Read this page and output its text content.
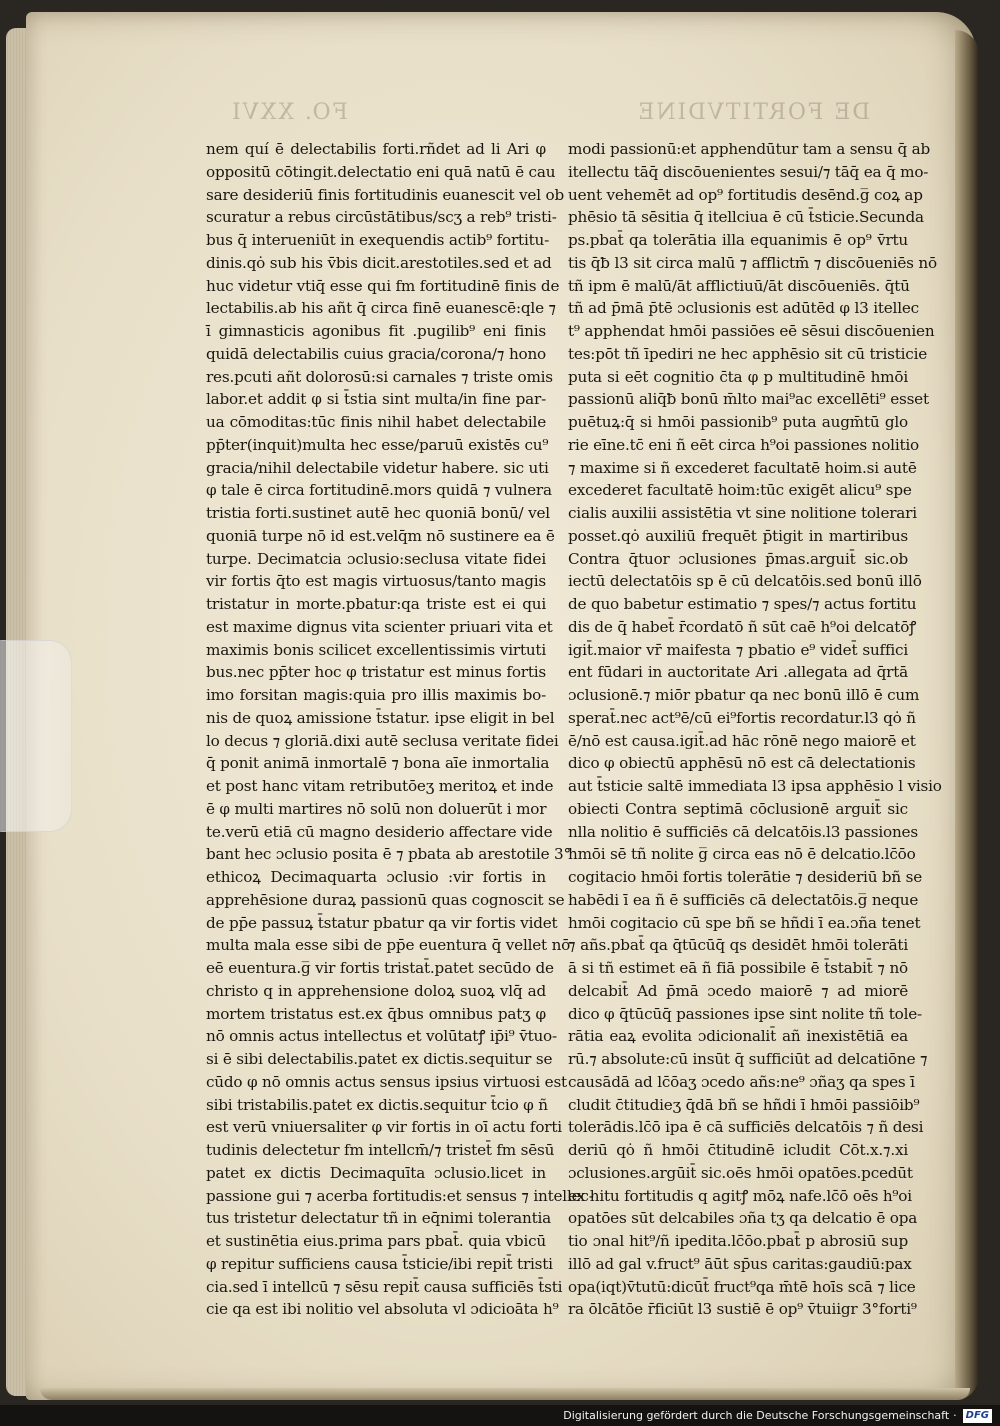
DE FORTITVDINE
FO. XXVI
nem quí ē delectabilis forti.rñdet ad li Ari φ
oppositū cōtingit.delectatio eni quā natū ē cau
sare desideriū finis fortitudinis euanescit vel ob
scuratur a rebus circūstātibus/scʒ a reb⁹ tristi-
bus q̄ interueniūt in exequendis actib⁹ fortitu-
dinis.qȯ sub his v̄bis dicit.arestotiles.sed et ad
huc videtur vtiq̄ esse qui fm fortitudinē finis de
lectabilis.ab his añt q̄ circa finē euanescē:qle ⁊
ī gimnasticis agonibus fit .pugilib⁹ eni finis
quidā delectabilis cuius gracia/corona/⁊ hono
res.pcuti añt dolorosū:si carnales ⁊ triste omis
labor.et addit φ si t̄stia sint multa/in fine par-
ua cōmoditas:tūc finis nihil habet delectabile
pp̄ter(inquit)multa hec esse/paruū existēs cu⁹
gracia/nihil delectabile videtur habere. sic uti
φ tale ē circa fortitudinē.mors quidā ⁊ vulnera
tristia forti.sustinet autē hec quoniā bonū/ vel
quoniā turpe nō id est.velq̄m nō sustinere ea ē
turpe. Decimatcia ɔclusio:seclusa vitate fidei
vir fortis q̄to est magis virtuosus/tanto magis
tristatur in morte.pbatur:qa triste est ei qui
est maxime dignus vita scienter priuari vita et
maximis bonis scilicet excellentissimis virtuti
bus.nec pp̄ter hoc φ tristatur est minus fortis
imo forsitan magis:quia pro illis maximis bo-
nis de quoꝝ amissione t̄statur. ipse eligit in bel
lo decus ⁊ gloriā.dixi autē seclusa veritate fidei
q̄ ponit animā inmortalē ⁊ bona aīe inmortalia
et post hanc vitam retributōeʒ meritoꝝ et inde
ē φ multi martires nō solū non doluerūt i mor
te.verū etiā cū magno desiderio affectare vide
bant hec ɔclusio posita ē ⁊ pbata ab arestotile 3°
ethicoꝝ Decimaquarta ɔclusio :vir fortis in
apprehēsione duraꝝ passionū quas cognoscit se
de pp̄e passuꝝ t̄statur pbatur qa vir fortis videt
multa mala esse sibi de pp̄e euentura q̄ vellet nō
eē euentura.g̅ vir fortis tristat̄.patet secūdo de
christo q in apprehensione doloꝝ suoꝝ vlq̄ ad
mortem tristatus est.ex q̄bus omnibus patʒ φ
nō omnis actus intellectus et volūtatꝭ ip̄i⁹ v̄tuo-
si ē sibi delectabilis.patet ex dictis.sequitur se
cūdo φ nō omnis actus sensus ipsius virtuosi est
sibi tristabilis.patet ex dictis.sequitur t̄cio φ ñ
est verū vniuersaliter φ vir fortis in oī actu forti
tudinis delectetur fm intellcm̄/⁊ tristet̄ fm sēsū
patet ex dictis Decimaquīta ɔclusio.licet in
passione gui ⁊ acerba fortitudis:et sensus ⁊ intellec-
tus tristetur delectatur tñ in eq̄nimi tolerantia
et sustinētia eius.prima pars pbat̄. quia vbicū
φ repitur sufficiens causa t̄sticie/ibi repit̄ tristi
cia.sed ī intellcū ⁊ sēsu repit̄ causa sufficiēs t̄sti
cie qa est ibi nolitio vel absoluta vl ɔdicioāta h⁹
modi passionū:et apphendūtur tam a sensu q̄ ab
itellectu tāq̄ discōuenientes sesui/⁊ tāq̄ ea q̄ mo-
uent vehemēt ad op⁹ fortitudis desēnd.g̅ coꝝ ap
phēsio tā sēsitia q̄ itellciua ē cū t̄sticie.Secunda
ps.pbat̄ qa tolerātia illa equanimis ē op⁹ v̄rtu
tis q̄ƀ l3 sit circa malū ⁊ afflictm̄ ⁊ discōueniēs nō
tñ ipm ē malū/āt afflictiuū/āt discōueniēs. q̄tū
tñ ad p̄mā p̄tē ɔclusionis est adūtēd φ l3 itellec
t⁹ apphendat hmōi passiōes eē sēsui discōuenien
tes:pōt tñ īpediri ne hec apphēsio sit cū tristicie
puta si eēt cognitio c̄ta φ p multitudinē hmōi
passionū aliq̄ƀ bonū m̄lto mai⁹ac excellēti⁹ esset
puētuꝝ:q̄ si hmōi passionib⁹ puta augm̄tū glo
rie eīne.tc̄ eni ñ eēt circa h⁹oi passiones nolitio
⁊ maxime si ñ excederet facultatē hoim.si autē
excederet facultatē hoim:tūc exigēt alicu⁹ spe
cialis auxilii assistētia vt sine nolitione tolerari
posset.qȯ auxiliū frequēt p̄tigit in martiribus
Contra q̄tuor ɔclusiones p̄mas.arguit̄ sic.ob
iectū delectatōis sp ē cū delcatōis.sed bonū illō
de quo babetur estimatio ⁊ spes/⁊ actus fortitu
dis de q̄ habet̄ r̄cordatō ñ sūt caē h⁹oi delcatōꝭ
igit̄.maior vr̄ maifesta ⁊ pbatio e⁹ videt̄ suffici
ent fūdari in auctoritate Ari .allegata ad q̄rtā
ɔclusionē.⁊ miōr pbatur qa nec bonū illō ē cum
sperat̄.nec act⁹ē/cū ei⁹fortis recordatur.l3 qȯ ñ
ē/nō est causa.igit̄.ad hāc rōnē nego maiorē et
dico φ obiectū apphēsū nō est cā delectationis
aut t̄sticie saltē immediata l3 ipsa apphēsio l visio
obiecti Contra septimā cōclusionē arguit̄ sic
nlla nolitio ē sufficiēs cā delcatōis.l3 passiones
hmōi sē tñ nolite g̅ circa eas nō ē delcatio.lc̄ōo
cogitacio hmōi fortis tolerātie ⁊ desideriū bñ se
habēdi ī ea ñ ē sufficiēs cā delectatōis.g̅ neque
hmōi cogitacio cū spe bñ se hñdi ī ea.ɔña tenet
⁊ añs.pbat̄ qa q̄tūcūq̄ qs desidēt hmōi tolerāti
ā si tñ estimet eā ñ fiā possibile ē t̄stabit̄ ⁊ nō
delcabit̄ Ad p̄mā ɔcedo maiorē ⁊ ad miorē
dico φ q̄tūcūq̄ passiones ipse sint nolite tñ tole-
rātia eaꝝ evolita ɔdicionalit̄ añ inexistētiā ea
rū.⁊ absolute:cū insūt q̄ sufficiūt ad delcatiōne ⁊
causādā ad lc̄ōaʒ ɔcedo añs:ne⁹ ɔñaʒ qa spes ī
cludit c̄titudieʒ q̄dā bñ se hñdi ī hmōi passiōib⁹
tolerādis.lc̄ō ipa ē cā sufficiēs delcatōis ⁊ ñ desi
deriū qȯ ñ hmōi c̄titudinē icludit Cōt.x.⁊.xi
ɔclusiones.argūit̄ sic.oēs hmōi opatōes.pcedūt
ex hitu fortitudis q agitꝭ mōꝝ nafe.lc̄ō oēs h⁹oi
opatōes sūt delcabiles ɔña tʒ qa delcatio ē opa
tio ɔnal hit⁹/ñ ipedita.lc̄ōo.pbat̄ p abrosiū sup
illō ad gal v.fruct⁹ āūt sp̄us caritas:gaudiū:pax
opa(iqt)v̄tutū:dicūt̄ fruct⁹qa m̄tē hoīs scā ⁊ lice
ra ōlcātōe r̄ficiūt l3 sustiē ē op⁹ v̄tuiigr 3°forti⁹
Digitalisierung gefördert durch die Deutsche Forschungsgemeinschaft · DFG
